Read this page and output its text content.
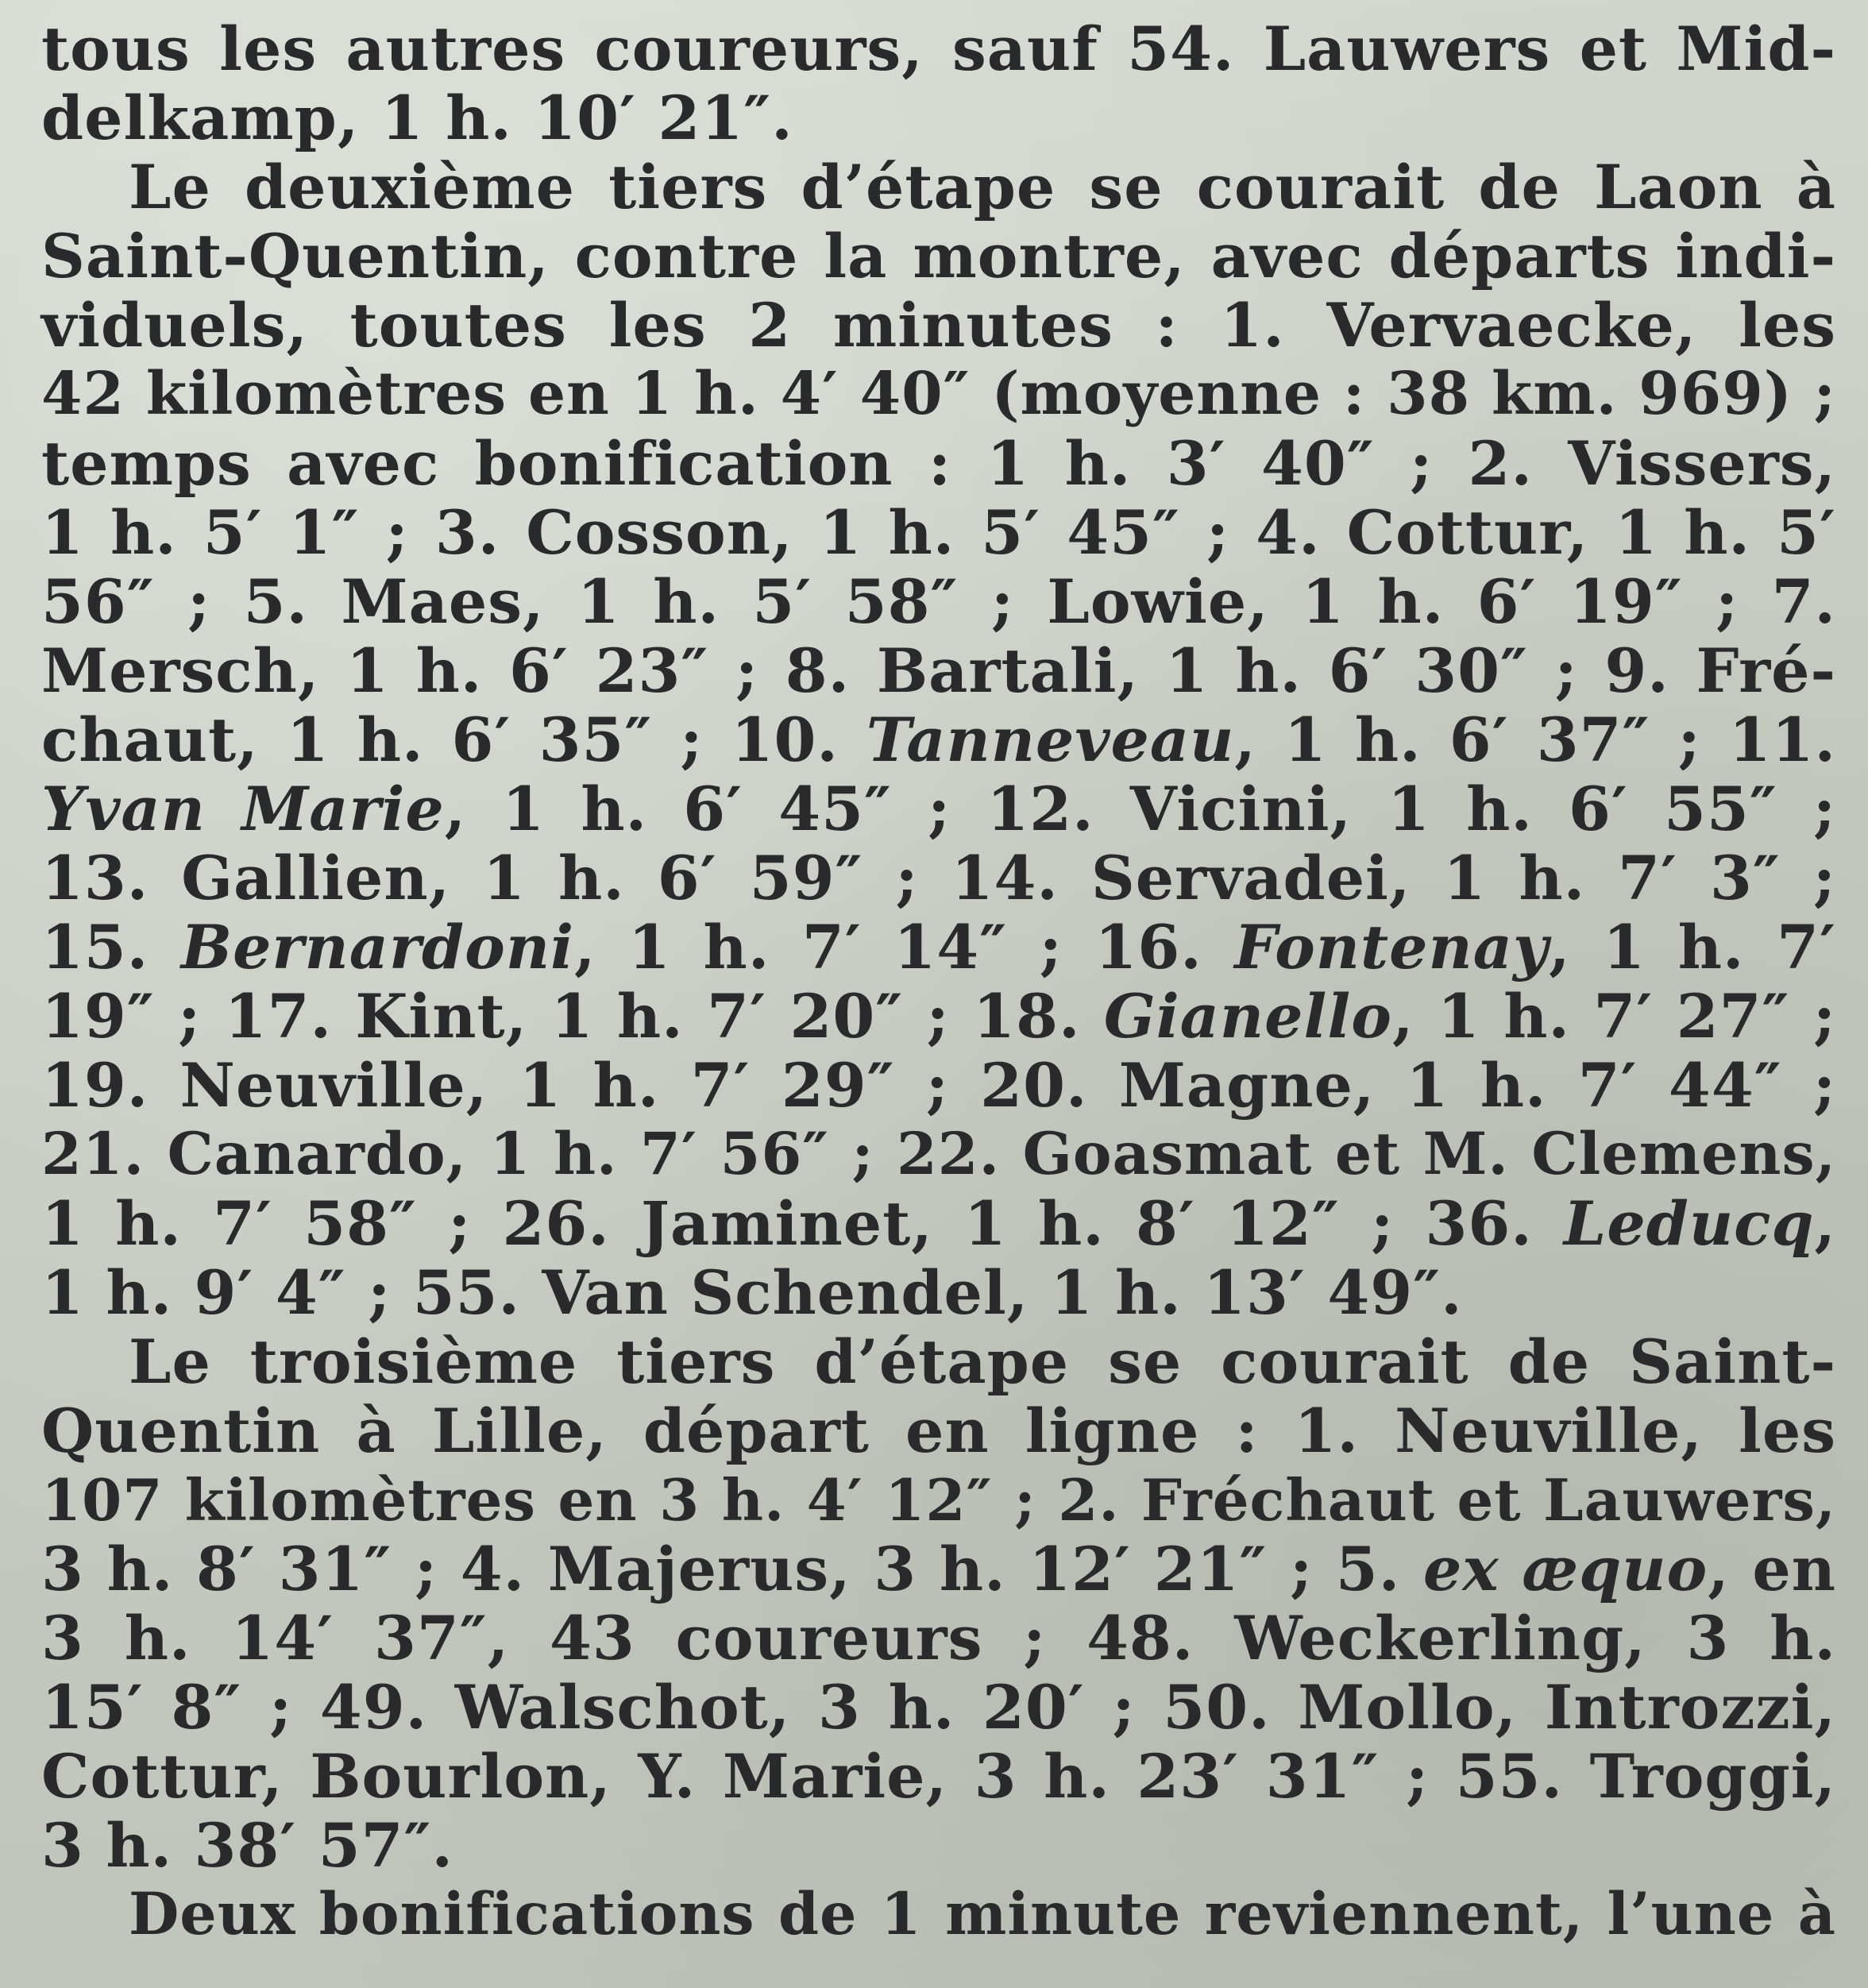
tous les autres coureurs, sauf 54. Lauwers et Mid-
delkamp, 1 h. 10′ 21″.
Le deuxième tiers d’étape se courait de Laon à
Saint-Quentin, contre la montre, avec départs indi-
viduels, toutes les 2 minutes : 1. Vervaecke, les
42 kilomètres en 1 h. 4′ 40″ (moyenne : 38 km. 969) ;
temps avec bonification : 1 h. 3′ 40″ ; 2. Vissers,
1 h. 5′ 1″ ; 3. Cosson, 1 h. 5′ 45″ ; 4. Cottur, 1 h. 5′
56″ ; 5. Maes, 1 h. 5′ 58″ ; Lowie, 1 h. 6′ 19″ ; 7.
Mersch, 1 h. 6′ 23″ ; 8. Bartali, 1 h. 6′ 30″ ; 9. Fré-
chaut, 1 h. 6′ 35″ ; 10. Tanneveau, 1 h. 6′ 37″ ; 11.
Yvan Marie, 1 h. 6′ 45″ ; 12. Vicini, 1 h. 6′ 55″ ;
13. Gallien, 1 h. 6′ 59″ ; 14. Servadei, 1 h. 7′ 3″ ;
15. Bernardoni, 1 h. 7′ 14″ ; 16. Fontenay, 1 h. 7′
19″ ; 17. Kint, 1 h. 7′ 20″ ; 18. Gianello, 1 h. 7′ 27″ ;
19. Neuville, 1 h. 7′ 29″ ; 20. Magne, 1 h. 7′ 44″ ;
21. Canardo, 1 h. 7′ 56″ ; 22. Goasmat et M. Clemens,
1 h. 7′ 58″ ; 26. Jaminet, 1 h. 8′ 12″ ; 36. Leducq,
1 h. 9′ 4″ ; 55. Van Schendel, 1 h. 13′ 49″.
Le troisième tiers d’étape se courait de Saint-
Quentin à Lille, départ en ligne : 1. Neuville, les
107 kilomètres en 3 h. 4′ 12″ ; 2. Fréchaut et Lauwers,
3 h. 8′ 31″ ; 4. Majerus, 3 h. 12′ 21″ ; 5. ex æquo, en
3 h. 14′ 37″, 43 coureurs ; 48. Weckerling, 3 h.
15′ 8″ ; 49. Walschot, 3 h. 20′ ; 50. Mollo, Introzzi,
Cottur, Bourlon, Y. Marie, 3 h. 23′ 31″ ; 55. Troggi,
3 h. 38′ 57″.
Deux bonifications de 1 minute reviennent, l’une à
